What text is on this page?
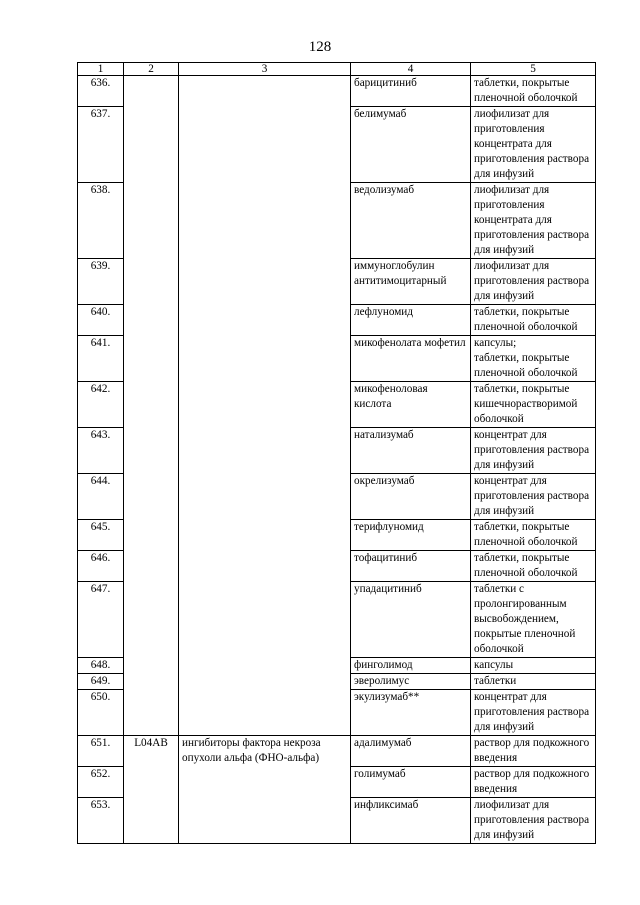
128
1	2	3	4	5
636.			барицитиниб	таблетки, покрытые пленочной оболочкой
637.			белимумаб	лиофилизат для приготовления концентрата для приготовления раствора для инфузий
638.			ведолизумаб	лиофилизат для приготовления концентрата для приготовления раствора для инфузий
639.			иммуноглобулин антитимоцитарный	лиофилизат для приготовления раствора для инфузий
640.			лефлуномид	таблетки, покрытые пленочной оболочкой
641.			микофенолата мофетил	капсулы;
таблетки, покрытые пленочной оболочкой
642.			микофеноловая кислота	таблетки, покрытые кишечнорастворимой оболочкой
643.			натализумаб	концентрат для приготовления раствора для инфузий
644.			окрелизумаб	концентрат для приготовления раствора для инфузий
645.			терифлуномид	таблетки, покрытые пленочной оболочкой
646.			тофацитиниб	таблетки, покрытые пленочной оболочкой
647.			упадацитиниб	таблетки с пролонгированным высвобождением, покрытые пленочной оболочкой
648.			финголимод	капсулы
649.			эверолимус	таблетки
650.			экулизумаб**	концентрат для приготовления раствора для инфузий
651.	L04AB	ингибиторы фактора некроза опухоли альфа (ФНО-альфа)	адалимумаб	раствор для подкожного введения
652.			голимумаб	раствор для подкожного введения
653.			инфликсимаб	лиофилизат для приготовления раствора для инфузий
